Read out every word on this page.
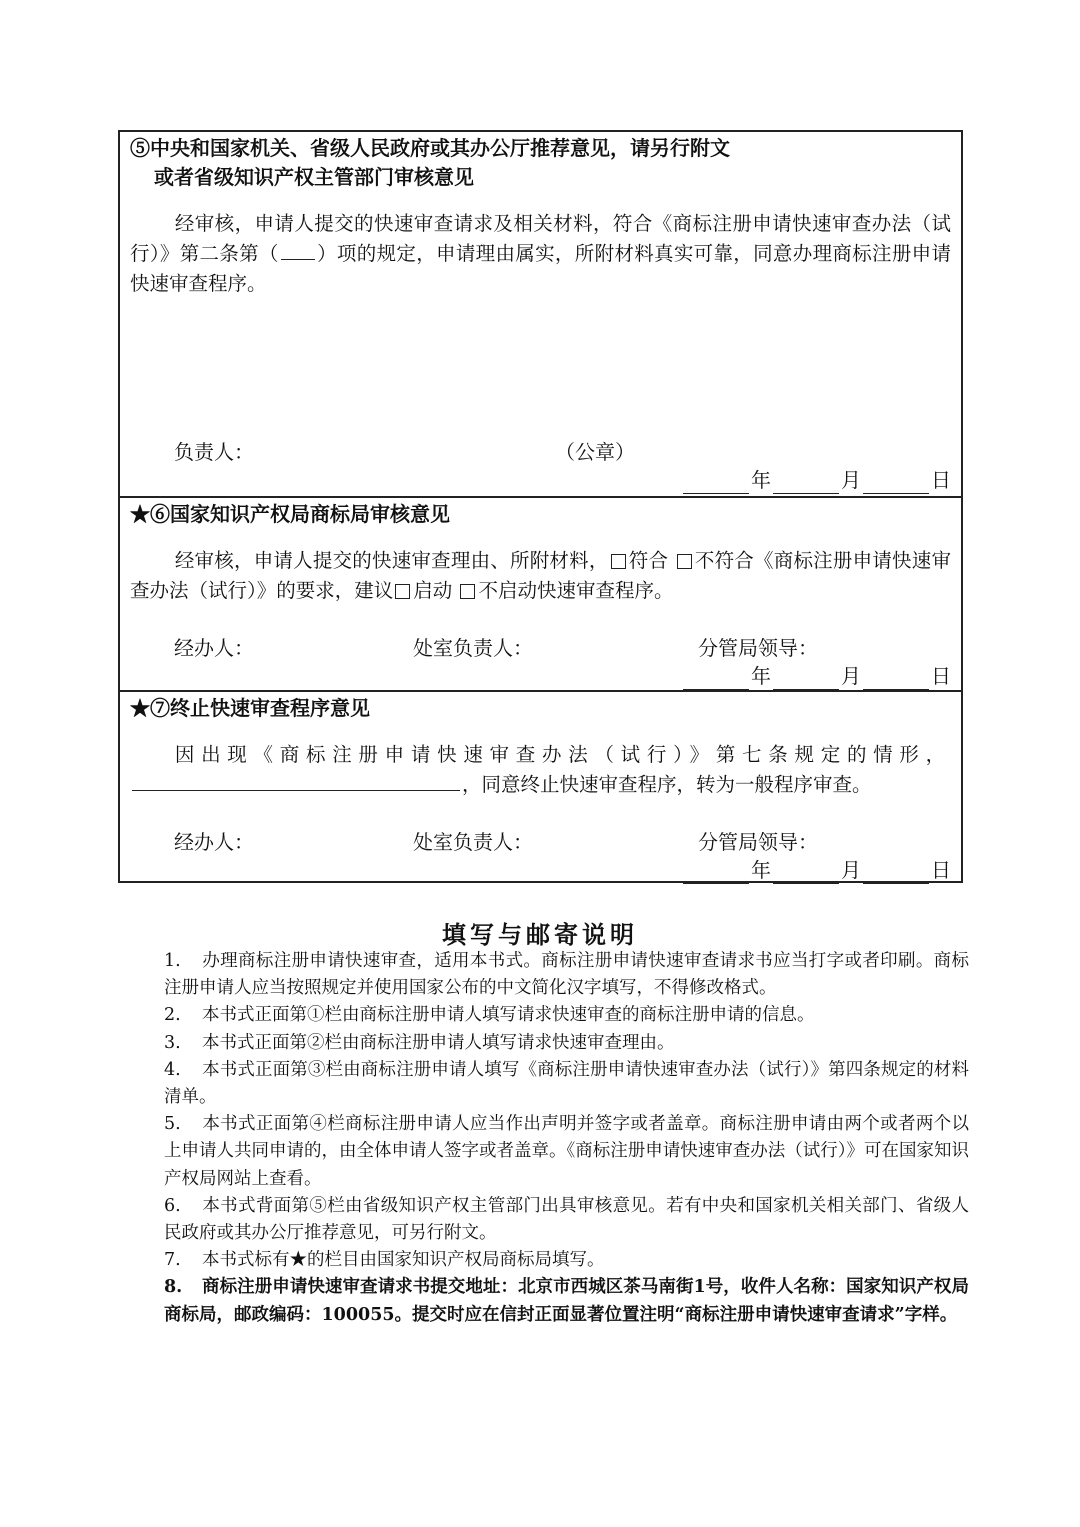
⑤中央和国家机关、省级人民政府或其办公厅推荐意见，请另行附文
或者省级知识产权主管部门审核意见
经审核，申请人提交的快速审查请求及相关材料，符合《商标注册申请快速审查办法（试行）》第二条第（ ）项的规定，申请理由属实，所附材料真实可靠，同意办理商标注册申请快速审查程序。
负责人：	（公章）
年	月	日
★⑥国家知识产权局商标局审核意见
经审核，申请人提交的快速审查理由、所附材料， 符合 不符合《商标注册申请快速审查办法（试行）》的要求，建议 启动 不启动快速审查程序。
经办人：	处室负责人：	分管局领导：
年	月	日
★⑦终止快速审查程序意见
因出现《商标注册申请快速审查办法（试行）》第七条规定的情形，，同意终止快速审查程序，转为一般程序审查。
经办人：	处室负责人：	分管局领导：
年	月	日
填写与邮寄说明

1. 办理商标注册申请快速审查，适用本书式。商标注册申请快速审查请求书应当打字或者印刷。商标注册申请人应当按照规定并使用国家公布的中文简化汉字填写，不得修改格式。

2. 本书式正面第①栏由商标注册申请人填写请求快速审查的商标注册申请的信息。

3. 本书式正面第②栏由商标注册申请人填写请求快速审查理由。

4. 本书式正面第③栏由商标注册申请人填写《商标注册申请快速审查办法（试行）》第四条规定的材料清单。

5. 本书式正面第④栏商标注册申请人应当作出声明并签字或者盖章。商标注册申请由两个或者两个以上申请人共同申请的，由全体申请人签字或者盖章。《商标注册申请快速审查办法（试行）》可在国家知识产权局网站上查看。

6. 本书式背面第⑤栏由省级知识产权主管部门出具审核意见。若有中央和国家机关相关部门、省级人民政府或其办公厅推荐意见，可另行附文。

7. 本书式标有★的栏目由国家知识产权局商标局填写。

8. 商标注册申请快速审查请求书提交地址：北京市西城区茶马南街1号，收件人名称：国家知识产权局商标局，邮政编码：100055。提交时应在信封正面显著位置注明“商标注册申请快速审查请求”字样。
